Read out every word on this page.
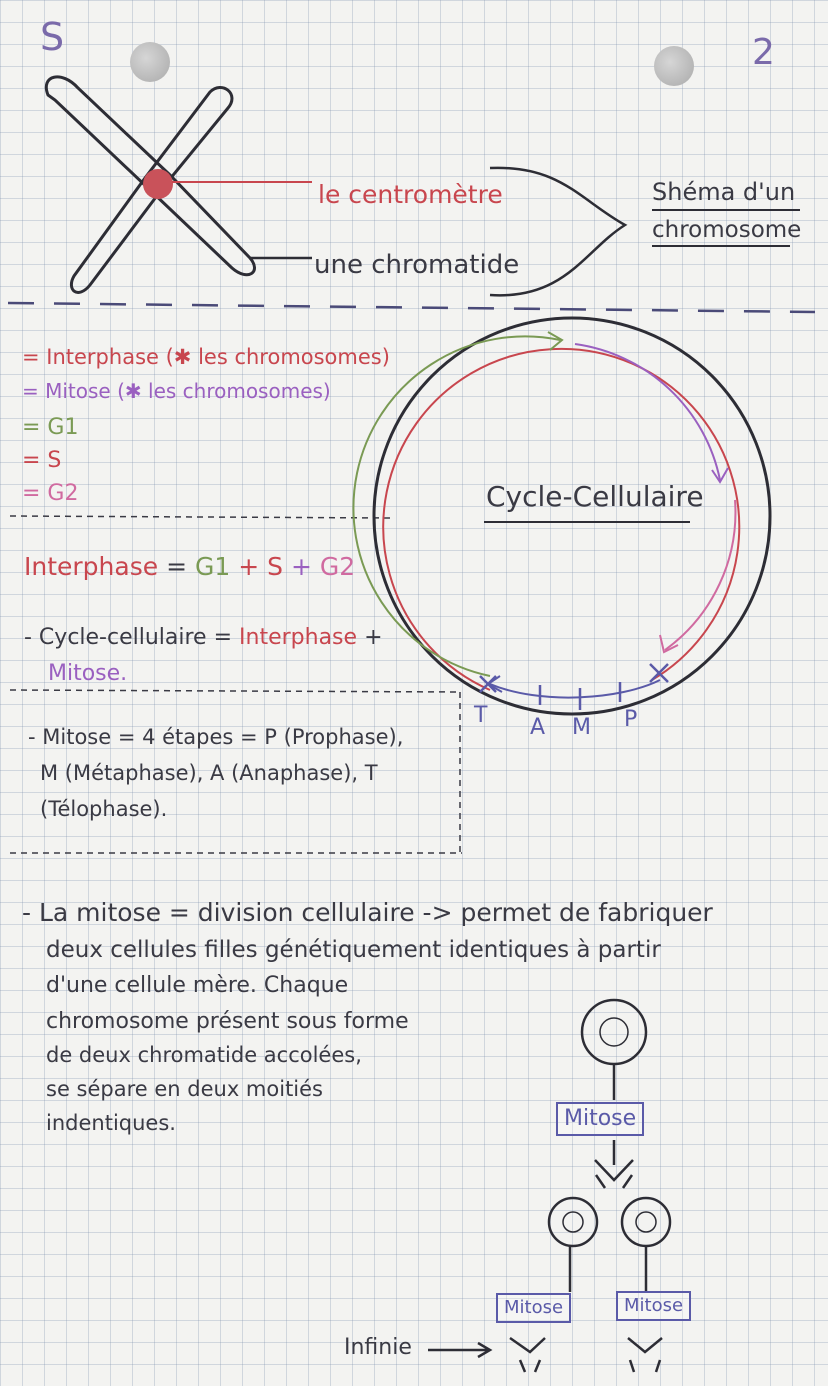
S	2
le centromètre
une chromatide
Shéma d'un
chromosome
= Interphase (✱ les chromosomes)
= Mitose (✱ les chromosomes)
= G1
= S
= G2	Cycle-Cellulaire
T A M P
Interphase = G1 + S + G2
- Cycle-cellulaire = Interphase +
Mitose.
- Mitose = 4 étapes = P (Prophase),
M (Métaphase), A (Anaphase), T
(Télophase).
- La mitose = division cellulaire -> permet de fabriquer
deux cellules filles génétiquement identiques à partir
d'une cellule mère. Chaque
chromosome présent sous forme
de deux chromatide accolées,
se sépare en deux moitiés
indentiques.	Mitose
Mitose	Mitose
Infinie
